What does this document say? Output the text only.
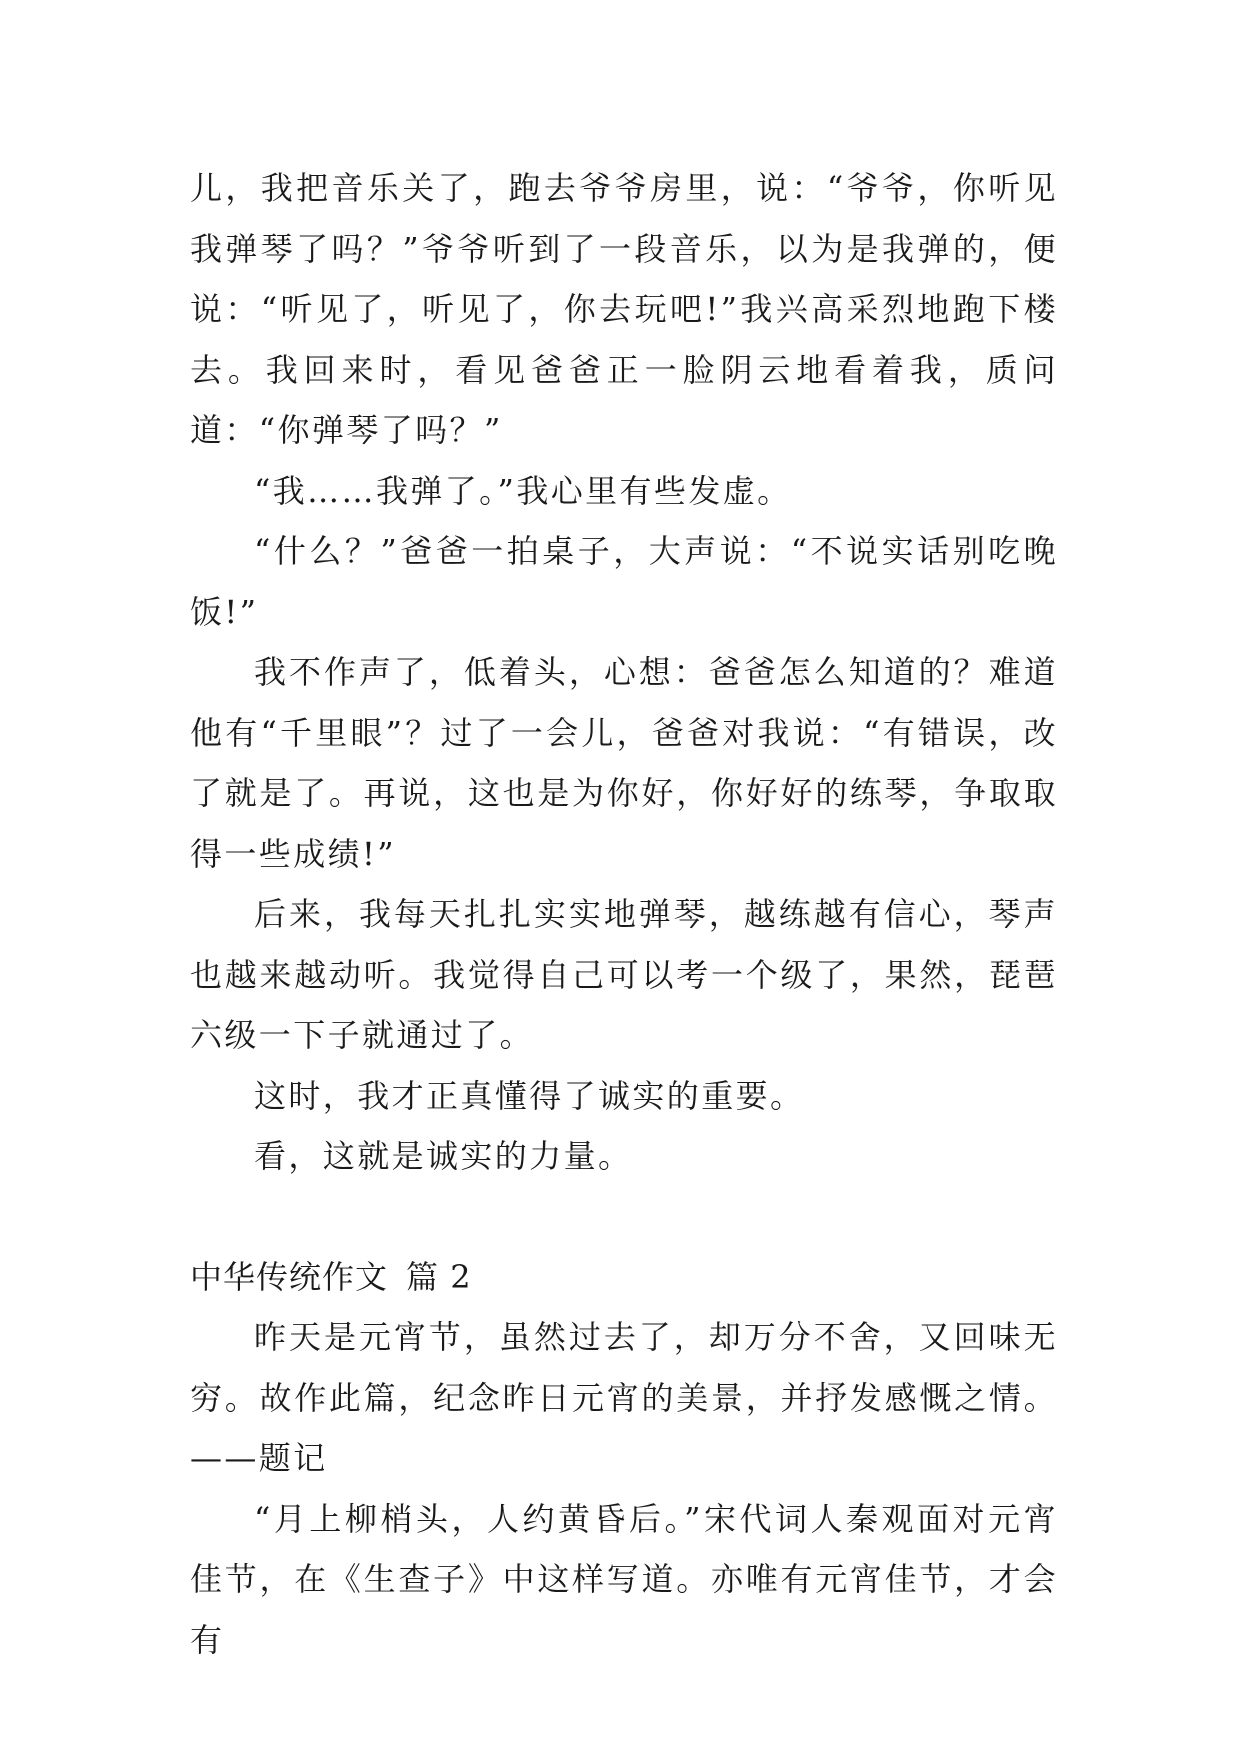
儿，我把音乐关了，跑去爷爷房里，说：“爷爷，你听见我弹琴了吗？”爷爷听到了一段音乐，以为是我弹的，便说：“听见了，听见了，你去玩吧!”我兴高采烈地跑下楼去。我回来时，看见爸爸正一脸阴云地看着我，质问道：“你弹琴了吗？”

“我……我弹了。”我心里有些发虚。

“什么？”爸爸一拍桌子，大声说：“不说实话别吃晚饭!”

我不作声了，低着头，心想：爸爸怎么知道的？难道他有“千里眼”？过了一会儿，爸爸对我说：“有错误，改了就是了。再说，这也是为你好，你好好的练琴，争取取得一些成绩!”

后来，我每天扎扎实实地弹琴，越练越有信心，琴声也越来越动听。我觉得自己可以考一个级了，果然，琵琶六级一下子就通过了。

这时，我才正真懂得了诚实的重要。

看，这就是诚实的力量。

中华传统作文 篇 2

昨天是元宵节，虽然过去了，却万分不舍，又回味无穷。故作此篇，纪念昨日元宵的美景，并抒发感慨之情。——题记

“月上柳梢头，人约黄昏后。”宋代词人秦观面对元宵佳节，在《生查子》中这样写道。亦唯有元宵佳节，才会有
